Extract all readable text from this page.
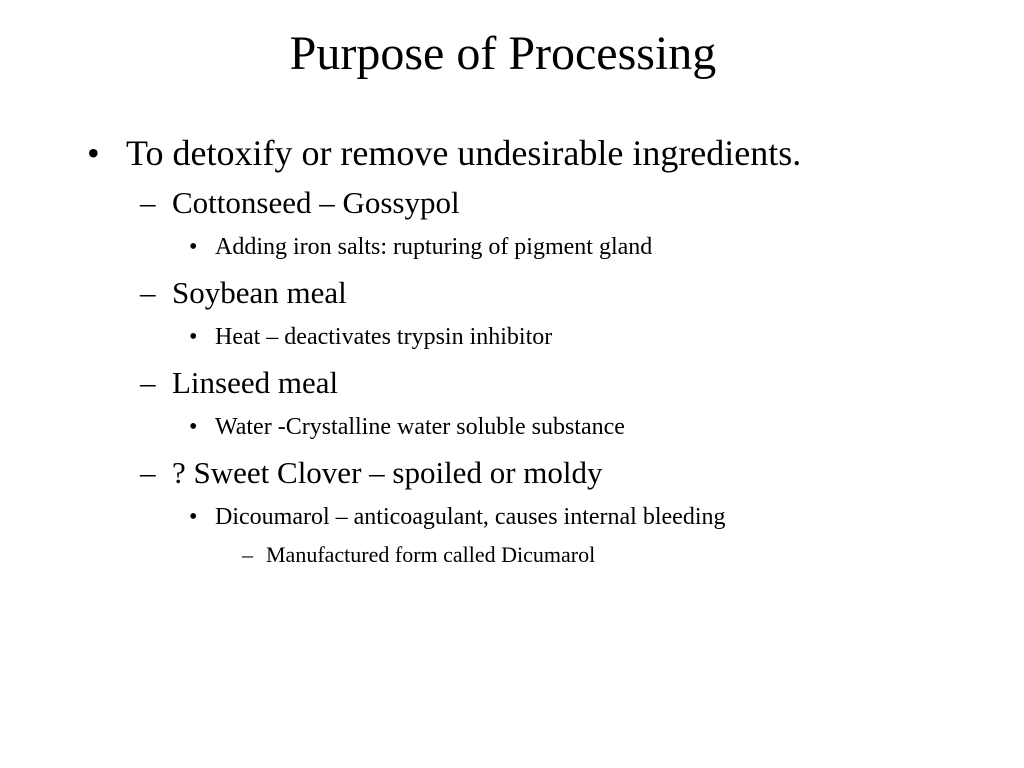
Purpose of Processing
• To detoxify or remove undesirable ingredients.
– Cottonseed – Gossypol
• Adding iron salts: rupturing of pigment gland
– Soybean meal
• Heat – deactivates trypsin inhibitor
– Linseed meal
• Water -Crystalline water soluble substance
– ? Sweet Clover – spoiled or moldy
• Dicoumarol – anticoagulant, causes internal bleeding
– Manufactured form called Dicumarol
